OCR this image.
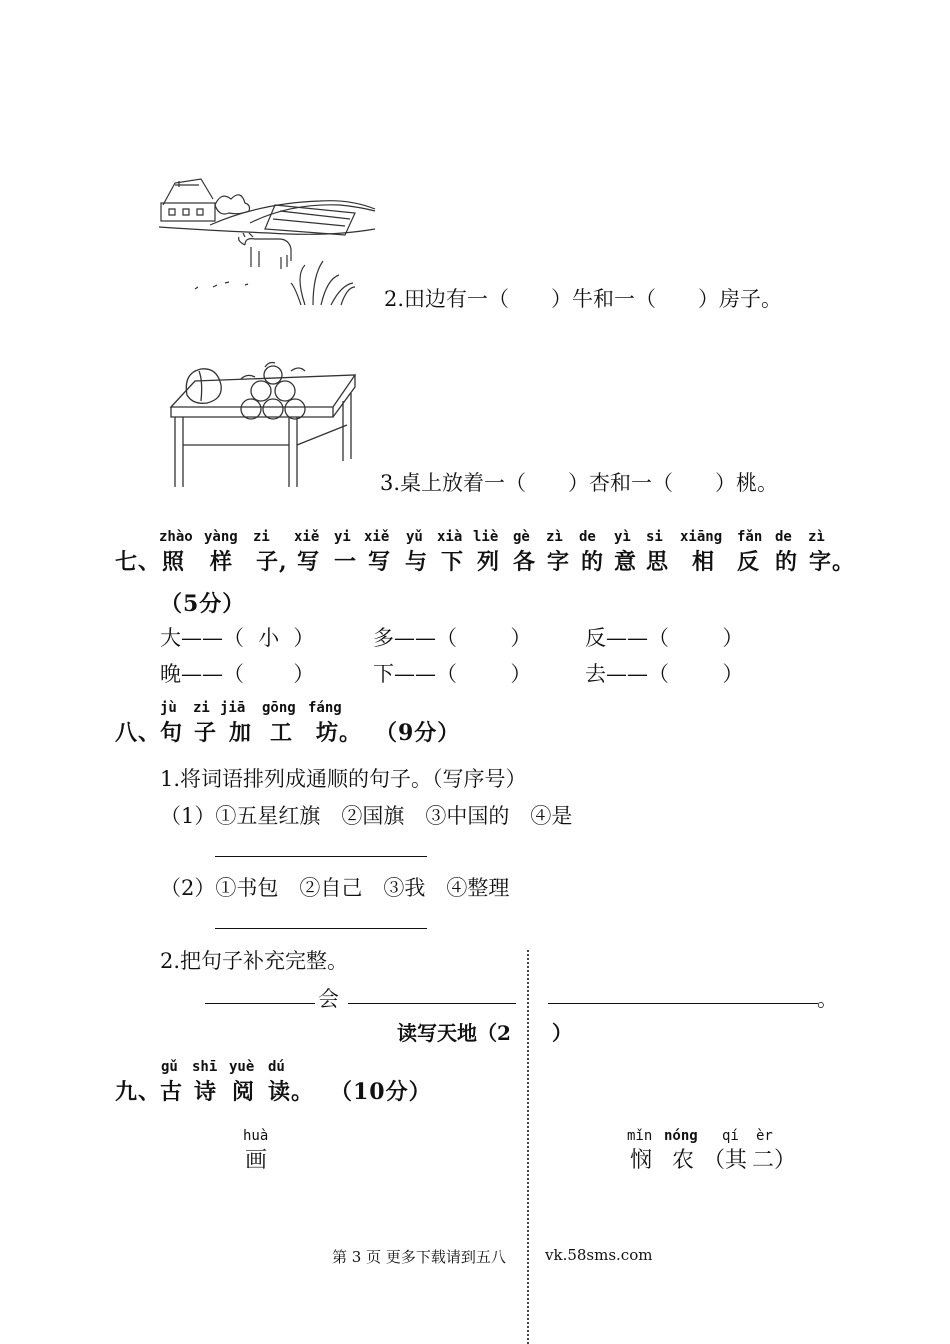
2.田边有一（　　）牛和一（　　）房子。
3.桌上放着一（　　）杏和一（　　）桃。
zhào yàng zi xiě yi xiě yǔ xià liè gè zì de yì si xiāng fǎn de zì
七、 照 样 子, 写 一 写 与 下 列 各 字 的 意 思 相 反 的 字。
（5分）
大——（ 小 ）	多——（  ）	反——（  ）
晚——（  ）	下——（  ）	去——（  ）
jù zi jiā gōng fáng
八、
句 子 加 工 坊。 （9分）
1.将词语排列成通顺的句子。（写序号）
（1）①五星红旗　②国旗　③中国的　④是
（2）①书包　②自己　③我　④整理
2.把句子补充完整。
会	。
读写天地（2 ）
gǔ shī yuè dú
九、
古 诗 阅 读。 （10分）
huà
画
mǐn nóng qí èr
悯 农 （其 二）
第 3 页 更多下载请到五八	vk.58sms.com
